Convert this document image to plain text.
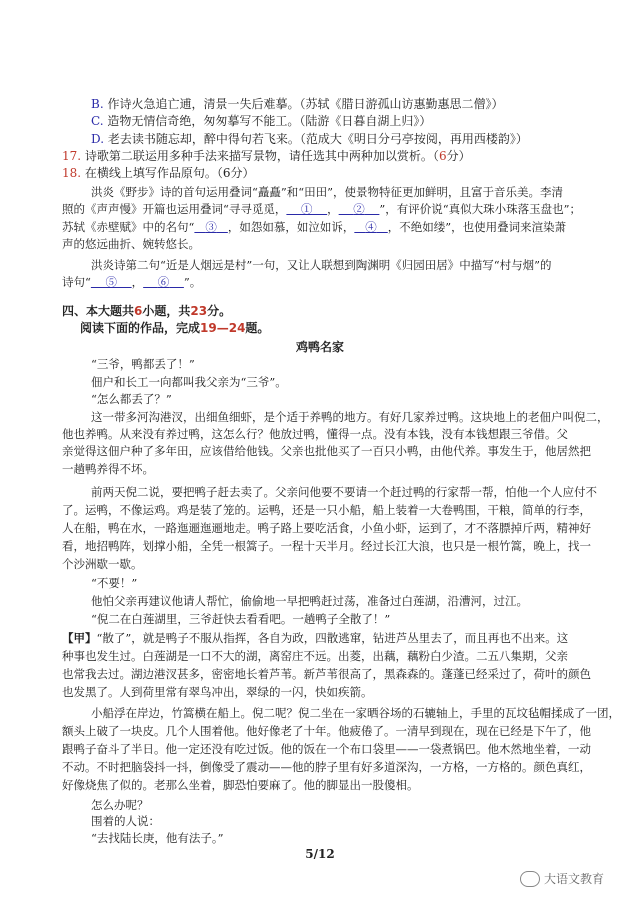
B. 作诗火急追亡逋，清景一失后难摹。（苏轼《腊日游孤山访惠勤惠思二僧》）
C. 造物无情信奇绝，匆匆摹写不能工。（陆游《日暮自湖上归》）
D. 老去读书随忘却，醉中得句若飞来。（范成大《明日分弓亭按阅，再用西楼韵》）
17. 诗歌第二联运用多种手法来描写景物，请任选其中两种加以赏析。（6分）
18. 在横线上填写作品原句。（6分）
洪炎《野步》诗的首句运用叠词“矗矗”和“田田”，使景物特征更加鲜明，且富于音乐美。李清
照的《声声慢》开篇也运用叠词“寻寻觅觅， ① ， ② ”，有评价说“真似大珠小珠落玉盘也”；
苏轼《赤壁赋》中的名句“ ③ ，如怨如慕，如泣如诉， ④ ，不绝如缕”，也使用叠词来渲染萧
声的悠远曲折、婉转悠长。
洪炎诗第二句“近是人烟远是村”一句，又让人联想到陶渊明《归园田居》中描写“村与烟”的
诗句“ ⑤ ， ⑥ ”。
四、本大题共6小题，共23分。
阅读下面的作品，完成19—24题。
鸡鸭名家
“三爷，鸭都丢了！”
佃户和长工一向都叫我父亲为“三爷”。
“怎么都丢了？”
这一带多河沟港汊，出细鱼细虾，是个适于养鸭的地方。有好几家养过鸭。这块地上的老佃户叫倪二，
他也养鸭。从来没有养过鸭，这怎么行？他放过鸭，懂得一点。没有本钱，没有本钱想跟三爷借。父
亲觉得这佃户种了多年田，应该借给他钱。父亲也批他买了一百只小鸭，由他代养。事发生于，他居然把
一趟鸭养得不坏。
前两天倪二说，要把鸭子赶去卖了。父亲问他要不要请一个赶过鸭的行家帮一帮，怕他一个人应付不
了。运鸭，不像运鸡。鸡是装了笼的。运鸭，还是一只小船，船上装着一大卷鸭围，干粮，简单的行李，
人在船，鸭在水，一路迤逦迤逦地走。鸭子路上要吃活食，小鱼小虾，运到了，才不落膘掉斤两，精神好
看，地招鸭阵，划撑小船，全凭一根篙子。一程十天半月。经过长江大浪，也只是一根竹篙，晚上，找一
个沙洲歇一歇。
“不要！”
他怕父亲再建议他请人帮忙，偷偷地一早把鸭赶过荡，准备过白莲湖，沿漕河，过江。
“倪二在白莲湖里，三爷赶快去看看吧。一趟鸭子全散了！”
【甲】“散了”，就是鸭子不服从指挥，各自为政，四散逃窜，钻进芦丛里去了，而且再也不出来。这
种事也发生过。白莲湖是一口不大的湖，离窑庄不远。出菱，出藕，藕粉白少渣。二五八集期，父亲
也常我去过。湖边港汊甚多，密密地长着芦苇。新芦苇很高了，黑森森的。蓬蓬已经采过了，荷叶的颜色
也发黑了。人到荷里常有翠鸟冲出，翠绿的一闪，快如疾箭。
小船浮在岸边，竹篙横在船上。倪二呢？倪二坐在一家晒谷场的石辘轴上，手里的瓦坟毡帽揉成了一团，
额头上破了一块皮。几个人围着他。他好像老了十年。他疲倦了。一清早到现在，现在已经是下午了，他
跟鸭子奋斗了半日。他一定还没有吃过饭。他的饭在一个布口袋里——一袋煮锅巴。他木然地坐着，一动
不动。不时把脑袋抖一抖，倒像受了震动——他的脖子里有好多道深沟，一方格，一方格的。颜色真红，
好像烧焦了似的。老那么坐着，脚恐怕要麻了。他的脚显出一股傻相。
怎么办呢？
围着的人说：
“去找陆长庚，他有法子。”
5/12
大语文教育
